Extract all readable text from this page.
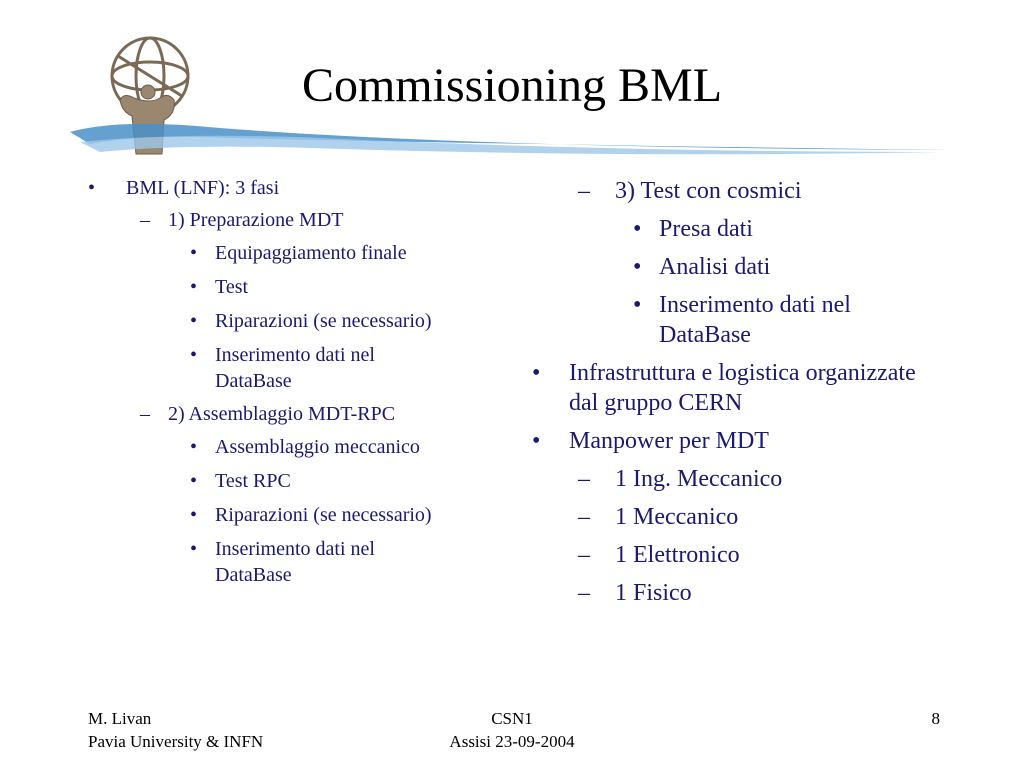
Commissioning BML
• BML (LNF): 3 fasi
– 1) Preparazione MDT
• Equipaggiamento finale
• Test
• Riparazioni (se necessario)
• Inserimento dati nel DataBase
– 2) Assemblaggio MDT-RPC
• Assemblaggio meccanico
• Test RPC
• Riparazioni (se necessario)
• Inserimento dati nel DataBase
– 3) Test con cosmici
• Presa dati
• Analisi dati
• Inserimento dati nel DataBase
• Infrastruttura e logistica organizzate dal gruppo CERN
• Manpower per MDT
– 1 Ing. Meccanico
– 1 Meccanico
– 1 Elettronico
– 1 Fisico
M. Livan
Pavia University & INFN
CSN1
Assisi 23-09-2004
8
